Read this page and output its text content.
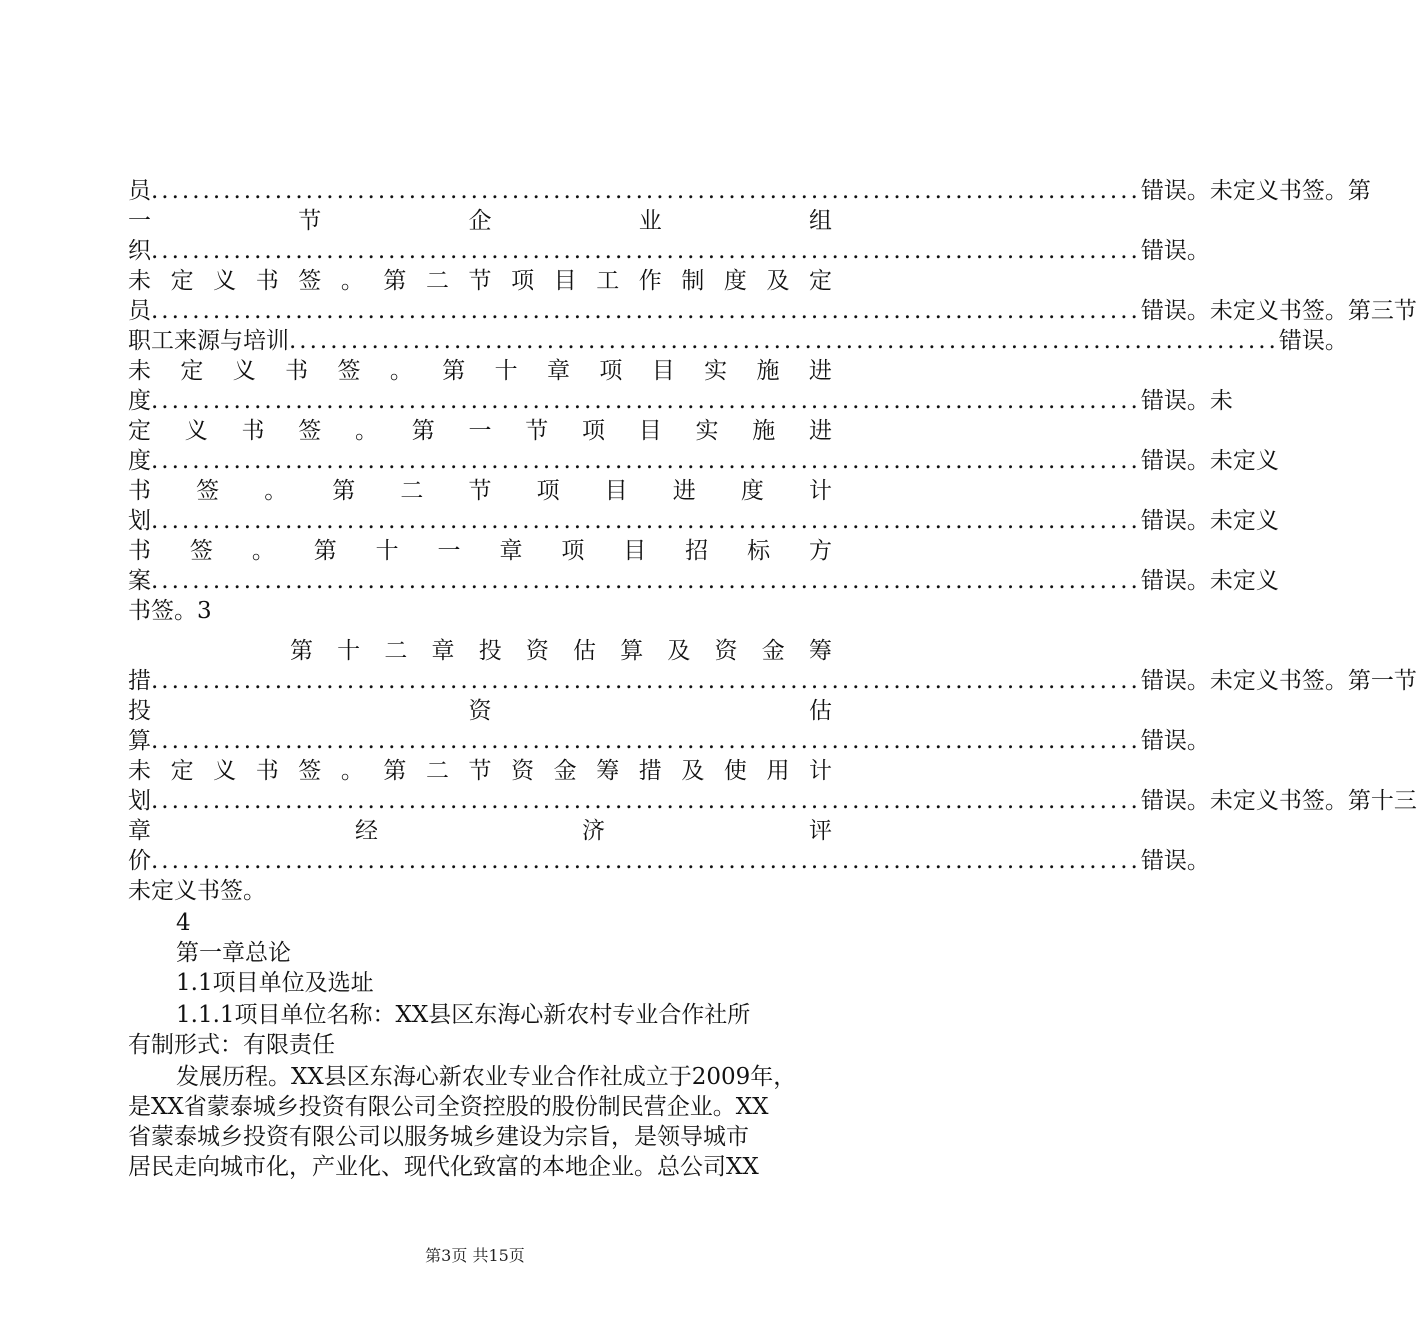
员 ................................................................................................ 错误。未定义书签。第
一	节	企	业	组
织 ................................................................................................ 错误。
未 定 义 书 签 。 第 二 节 项 目 工 作 制 度 及 定
员 ................................................................................................ 错误。未定义书签。第三节
职工来源与培训 ................................................................................................ 错误。
未 定 义 书 签 。 第 十 章 项 目 实 施 进
度 ................................................................................................ 错误。未
定 义 书 签 。 第 一 节 项 目 实 施 进
度 ................................................................................................ 错误。未定义
书 签 。 第 二 节 项 目 进 度 计
划 ................................................................................................ 错误。未定义
书 签 。 第 十 一 章 项 目 招 标 方
案 ................................................................................................ 错误。未定义
书签。3
第 十 二 章 投 资 估 算 及 资 金 筹
措 ................................................................................................ 错误。未定义书签。第一节
投	资	估
算 ................................................................................................ 错误。
未 定 义 书 签 。 第 二 节 资 金 筹 措 及 使 用 计
划 ................................................................................................ 错误。未定义书签。第十三
章	经	济	评
价 ................................................................................................ 错误。
未定义书签。
4
第一章总论
1.1项目单位及选址
1.1.1项目单位名称：XX县区东海心新农村专业合作社所
有制形式：有限责任
发展历程。XX县区东海心新农业专业合作社成立于2009年，
是XX省蒙泰城乡投资有限公司全资控股的股份制民营企业。XX
省蒙泰城乡投资有限公司以服务城乡建设为宗旨，是领导城市
居民走向城市化，产业化、现代化致富的本地企业。总公司XX
第3页 共15页
